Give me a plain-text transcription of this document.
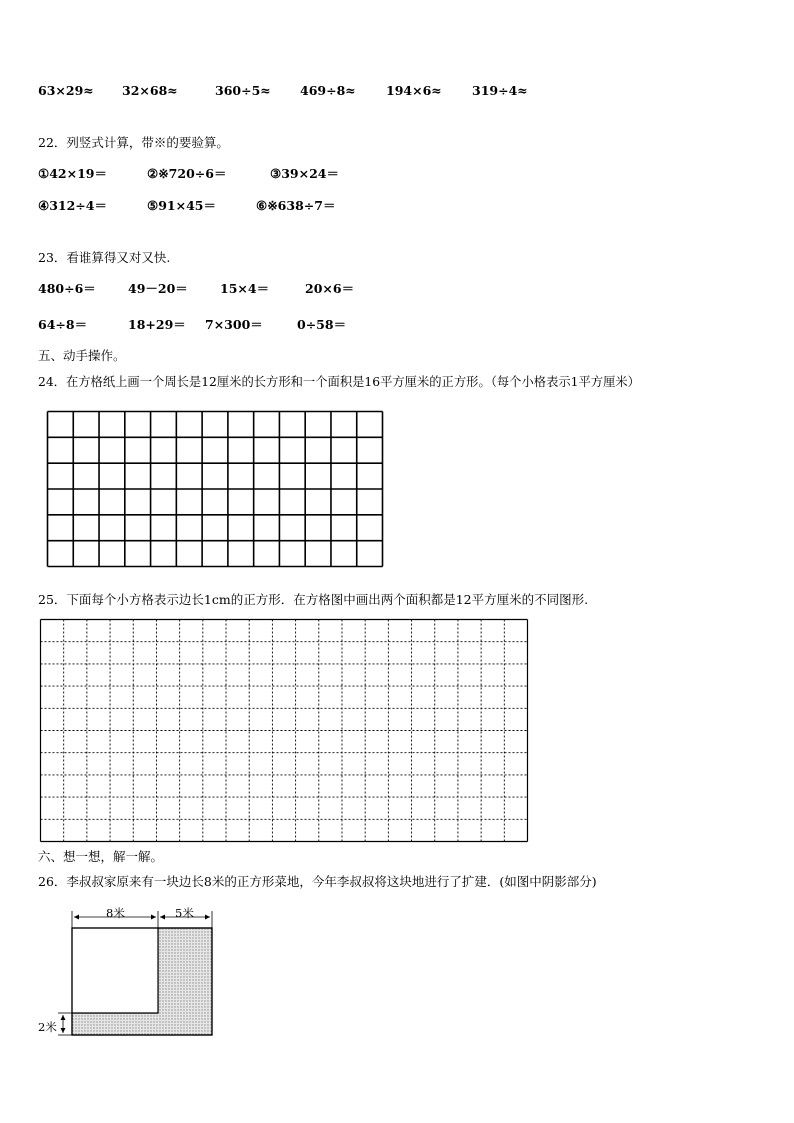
63×29≈ 32×68≈	360÷5≈ 469÷8≈ 194×6≈ 319÷4≈
22．列竖式计算，带※的要验算。
①42×19＝	②※720÷6＝	③39×24＝
④312÷4＝	⑤91×45＝	⑥※638÷7＝
23．看谁算得又对又快.
480÷6＝	49－20＝	15×4＝	20×6＝
64÷8＝	18+29＝ 7×300＝	0÷58＝
五、动手操作。
24．在方格纸上画一个周长是12厘米的长方形和一个面积是16平方厘米的正方形。（每个小格表示1平方厘米）
25．下面每个小方格表示边长1cm的正方形．在方格图中画出两个面积都是12平方厘米的不同图形.
六、想一想，解一解。
26．李叔叔家原来有一块边长8米的正方形菜地，今年李叔叔将这块地进行了扩建．(如图中阴影部分)
8米	5米
2米
